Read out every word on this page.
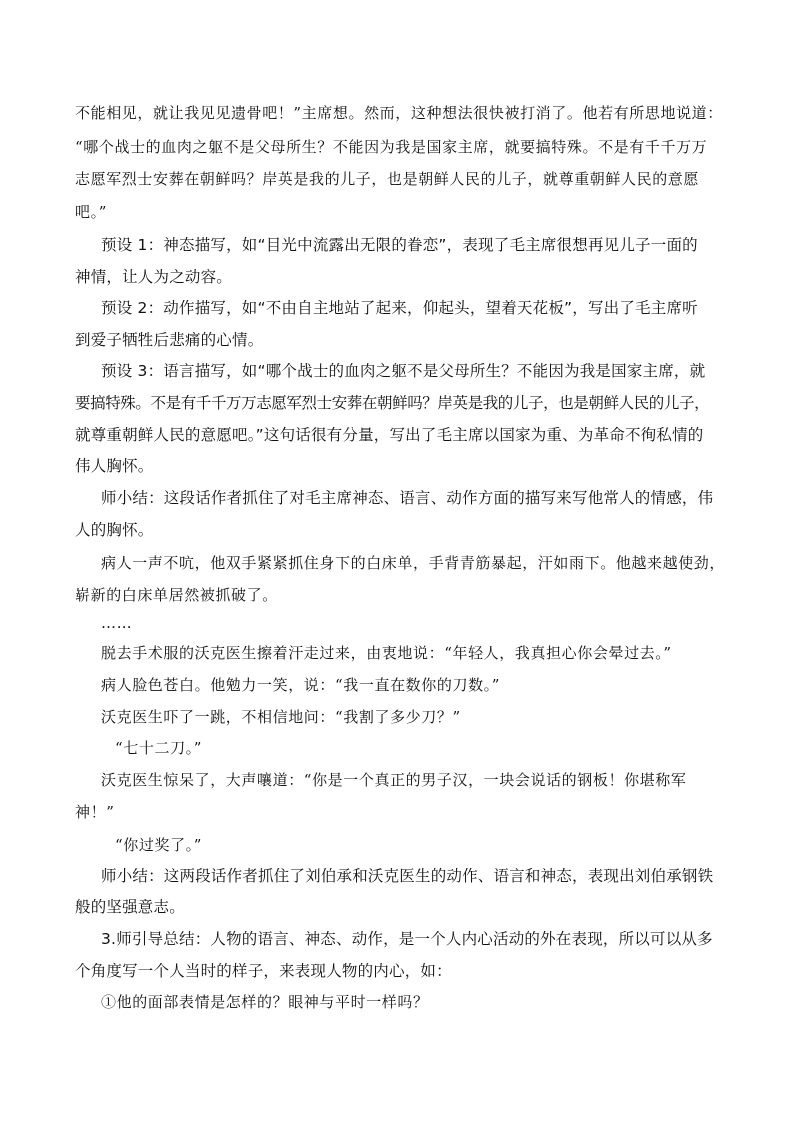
不能相见，就让我见见遗骨吧！”主席想。然而，这种想法很快被打消了。他若有所思地说道：

“哪个战士的血肉之躯不是父母所生？不能因为我是国家主席，就要搞特殊。不是有千千万万

志愿军烈士安葬在朝鲜吗？岸英是我的儿子，也是朝鲜人民的儿子，就尊重朝鲜人民的意愿

吧。”

预设 1：神态描写，如“目光中流露出无限的眷恋”，表现了毛主席很想再见儿子一面的

神情，让人为之动容。

预设 2：动作描写，如“不由自主地站了起来，仰起头，望着天花板”，写出了毛主席听

到爱子牺牲后悲痛的心情。

预设 3：语言描写，如“哪个战士的血肉之躯不是父母所生？不能因为我是国家主席，就

要搞特殊。不是有千千万万志愿军烈士安葬在朝鲜吗？岸英是我的儿子，也是朝鲜人民的儿子，

就尊重朝鲜人民的意愿吧。”这句话很有分量，写出了毛主席以国家为重、为革命不徇私情的

伟人胸怀。

师小结：这段话作者抓住了对毛主席神态、语言、动作方面的描写来写他常人的情感，伟

人的胸怀。

病人一声不吭，他双手紧紧抓住身下的白床单，手背青筋暴起，汗如雨下。他越来越使劲，

崭新的白床单居然被抓破了。

……

脱去手术服的沃克医生擦着汗走过来，由衷地说：“年轻人，我真担心你会晕过去。”

病人脸色苍白。他勉力一笑，说：“我一直在数你的刀数。”

沃克医生吓了一跳，不相信地问：“我割了多少刀？”

“七十二刀。”

沃克医生惊呆了，大声嚷道：“你是一个真正的男子汉，一块会说话的钢板！你堪称军

神！”

“你过奖了。”

师小结：这两段话作者抓住了刘伯承和沃克医生的动作、语言和神态，表现出刘伯承钢铁

般的坚强意志。

3.师引导总结：人物的语言、神态、动作，是一个人内心活动的外在表现，所以可以从多

个角度写一个人当时的样子，来表现人物的内心，如：

①他的面部表情是怎样的？眼神与平时一样吗？
